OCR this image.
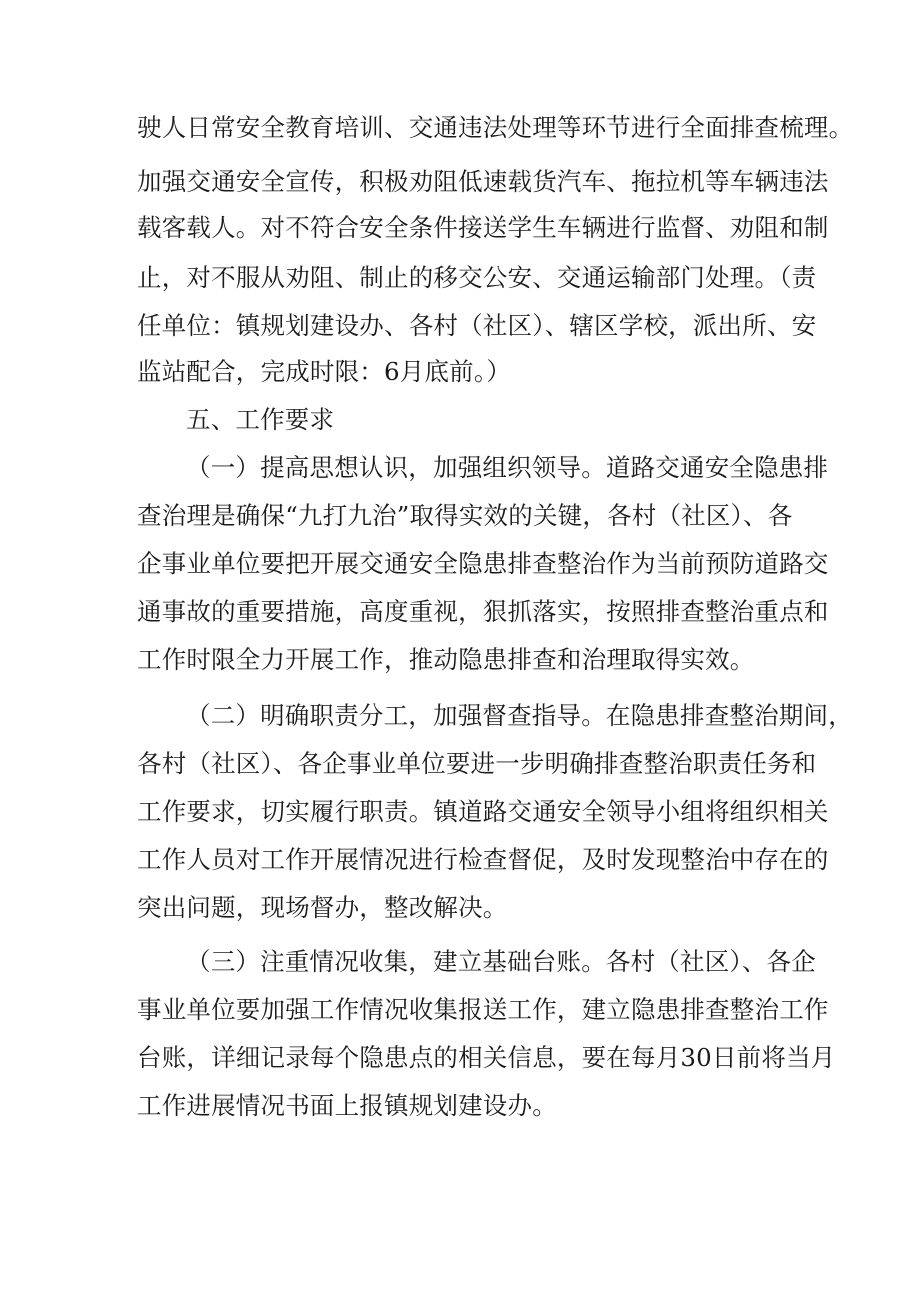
驶人日常安全教育培训、交通违法处理等环节进行全面排查梳理。
加强交通安全宣传，积极劝阻低速载货汽车、拖拉机等车辆违法
载客载人。对不符合安全条件接送学生车辆进行监督、劝阻和制
止，对不服从劝阻、制止的移交公安、交通运输部门处理。（责
任单位：镇规划建设办、各村（社区）、辖区学校，派出所、安
监站配合，完成时限：6月底前。）
五、工作要求
（一）提高思想认识，加强组织领导。道路交通安全隐患排
查治理是确保“九打九治”取得实效的关键，各村（社区）、各
企事业单位要把开展交通安全隐患排查整治作为当前预防道路交
通事故的重要措施，高度重视，狠抓落实，按照排查整治重点和
工作时限全力开展工作，推动隐患排查和治理取得实效。
（二）明确职责分工，加强督查指导。在隐患排查整治期间，
各村（社区）、各企事业单位要进一步明确排查整治职责任务和
工作要求，切实履行职责。镇道路交通安全领导小组将组织相关
工作人员对工作开展情况进行检查督促，及时发现整治中存在的
突出问题，现场督办，整改解决。
（三）注重情况收集，建立基础台账。各村（社区）、各企
事业单位要加强工作情况收集报送工作，建立隐患排查整治工作
台账，详细记录每个隐患点的相关信息，要在每月30日前将当月
工作进展情况书面上报镇规划建设办。
